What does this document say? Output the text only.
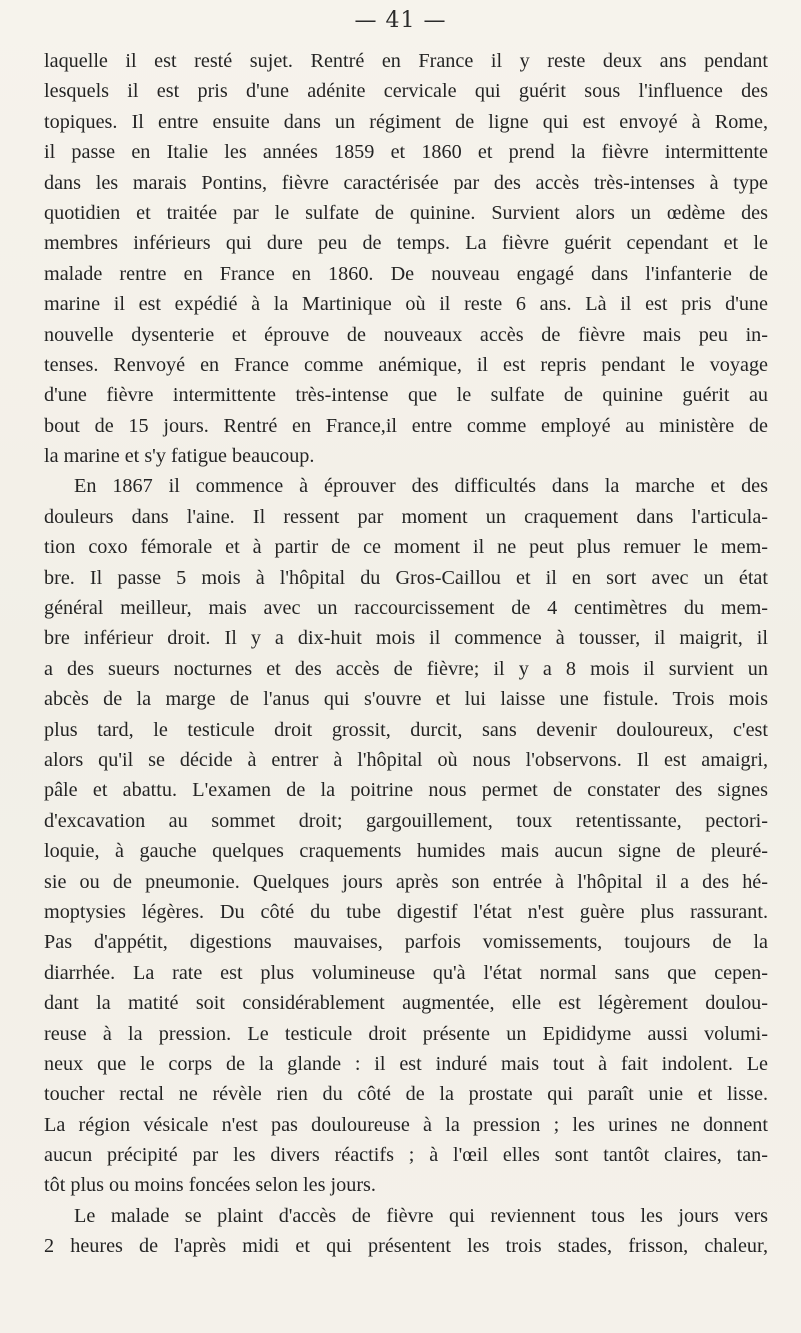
— 41 —
laquelle il est resté sujet. Rentré en France il y reste deux ans pendant
lesquels il est pris d'une adénite cervicale qui guérit sous l'influence des
topiques. Il entre ensuite dans un régiment de ligne qui est envoyé à Rome,
il passe en Italie les années 1859 et 1860 et prend la fièvre intermittente
dans les marais Pontins, fièvre caractérisée par des accès très-intenses à type
quotidien et traitée par le sulfate de quinine. Survient alors un œdème des
membres inférieurs qui dure peu de temps. La fièvre guérit cependant et le
malade rentre en France en 1860. De nouveau engagé dans l'infanterie de
marine il est expédié à la Martinique où il reste 6 ans. Là il est pris d'une
nouvelle dysenterie et éprouve de nouveaux accès de fièvre mais peu in-
tenses. Renvoyé en France comme anémique, il est repris pendant le voyage
d'une fièvre intermittente très-intense que le sulfate de quinine guérit au
bout de 15 jours. Rentré en France,il entre comme employé au ministère de
la marine et s'y fatigue beaucoup.
En 1867 il commence à éprouver des difficultés dans la marche et des
douleurs dans l'aine. Il ressent par moment un craquement dans l'articula-
tion coxo fémorale et à partir de ce moment il ne peut plus remuer le mem-
bre. Il passe 5 mois à l'hôpital du Gros-Caillou et il en sort avec un état
général meilleur, mais avec un raccourcissement de 4 centimètres du mem-
bre inférieur droit. Il y a dix-huit mois il commence à tousser, il maigrit, il
a des sueurs nocturnes et des accès de fièvre; il y a 8 mois il survient un
abcès de la marge de l'anus qui s'ouvre et lui laisse une fistule. Trois mois
plus tard, le testicule droit grossit, durcit, sans devenir douloureux, c'est
alors qu'il se décide à entrer à l'hôpital où nous l'observons. Il est amaigri,
pâle et abattu. L'examen de la poitrine nous permet de constater des signes
d'excavation au sommet droit; gargouillement, toux retentissante, pectori-
loquie, à gauche quelques craquements humides mais aucun signe de pleuré-
sie ou de pneumonie. Quelques jours après son entrée à l'hôpital il a des hé-
moptysies légères. Du côté du tube digestif l'état n'est guère plus rassurant.
Pas d'appétit, digestions mauvaises, parfois vomissements, toujours de la
diarrhée. La rate est plus volumineuse qu'à l'état normal sans que cepen-
dant la matité soit considérablement augmentée, elle est légèrement doulou-
reuse à la pression. Le testicule droit présente un Epididyme aussi volumi-
neux que le corps de la glande : il est induré mais tout à fait indolent. Le
toucher rectal ne révèle rien du côté de la prostate qui paraît unie et lisse.
La région vésicale n'est pas douloureuse à la pression ; les urines ne donnent
aucun précipité par les divers réactifs ; à l'œil elles sont tantôt claires, tan-
tôt plus ou moins foncées selon les jours.
Le malade se plaint d'accès de fièvre qui reviennent tous les jours vers
2 heures de l'après midi et qui présentent les trois stades, frisson, chaleur,
